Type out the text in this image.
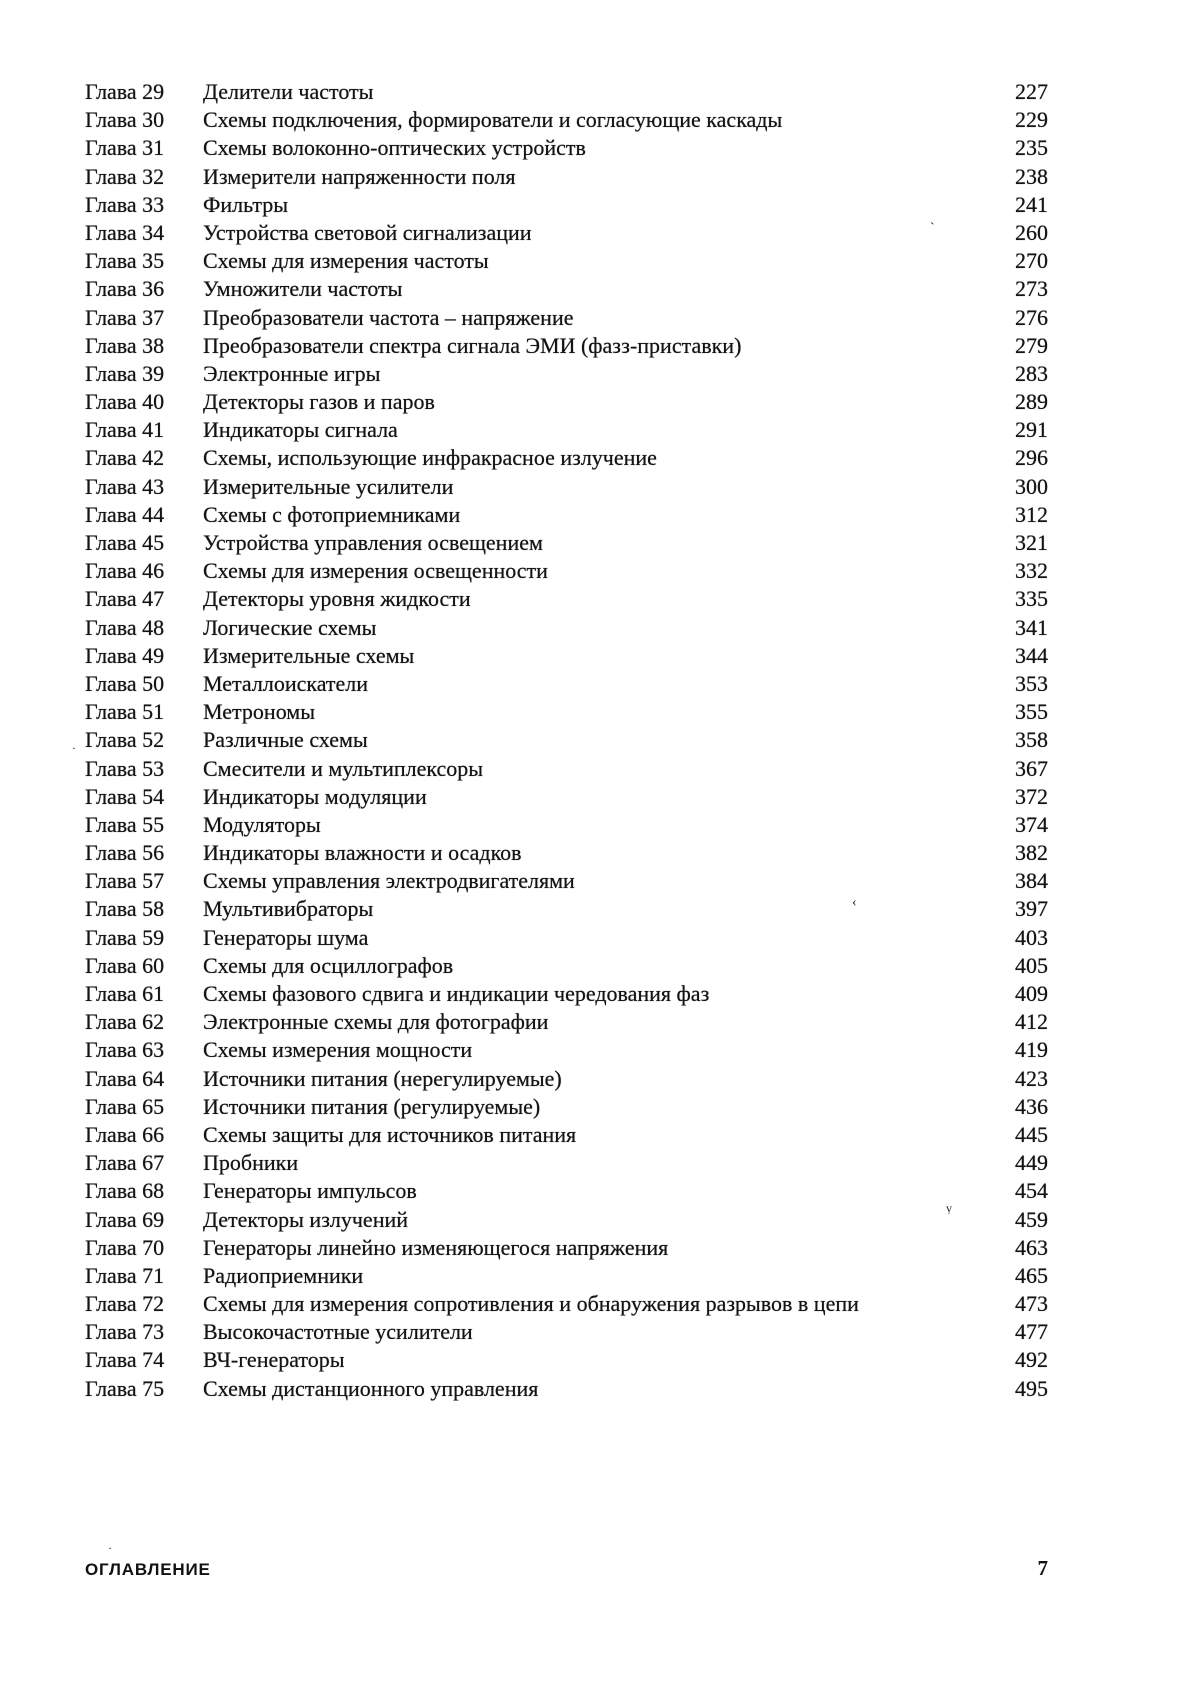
Глава 29	Делители частоты	227
Глава 30	Схемы подключения, формирователи и согласующие каскады	229
Глава 31	Схемы волоконно-оптических устройств	235
Глава 32	Измерители напряженности поля	238
Глава 33	Фильтры	241
Глава 34	Устройства световой сигнализации	260
Глава 35	Схемы для измерения частоты	270
Глава 36	Умножители частоты	273
Глава 37	Преобразователи частота – напряжение	276
Глава 38	Преобразователи спектра сигнала ЭМИ (фазз-приставки)	279
Глава 39	Электронные игры	283
Глава 40	Детекторы газов и паров	289
Глава 41	Индикаторы сигнала	291
Глава 42	Схемы, использующие инфракрасное излучение	296
Глава 43	Измерительные усилители	300
Глава 44	Схемы с фотоприемниками	312
Глава 45	Устройства управления освещением	321
Глава 46	Схемы для измерения освещенности	332
Глава 47	Детекторы уровня жидкости	335
Глава 48	Логические схемы	341
Глава 49	Измерительные схемы	344
Глава 50	Металлоискатели	353
Глава 51	Метрономы	355
Глава 52	Различные схемы	358
Глава 53	Смесители и мультиплексоры	367
Глава 54	Индикаторы модуляции	372
Глава 55	Модуляторы	374
Глава 56	Индикаторы влажности и осадков	382
Глава 57	Схемы управления электродвигателями	384
Глава 58	Мультивибраторы	397
Глава 59	Генераторы шума	403
Глава 60	Схемы для осциллографов	405
Глава 61	Схемы фазового сдвига и индикации чередования фаз	409
Глава 62	Электронные схемы для фотографии	412
Глава 63	Схемы измерения мощности	419
Глава 64	Источники питания (нерегулируемые)	423
Глава 65	Источники питания (регулируемые)	436
Глава 66	Схемы защиты для источников питания	445
Глава 67	Пробники	449
Глава 68	Генераторы импульсов	454
Глава 69	Детекторы излучений	459
Глава 70	Генераторы линейно изменяющегося напряжения	463
Глава 71	Радиоприемники	465
Глава 72	Схемы для измерения сопротивления и обнаружения разрывов в цепи	473
Глава 73	Высокочастотные усилители	477
Глава 74	ВЧ-генераторы	492
Глава 75	Схемы дистанционного управления	495
ОГЛАВЛЕНИЕ	7
`
‹
ṿ
·
·
